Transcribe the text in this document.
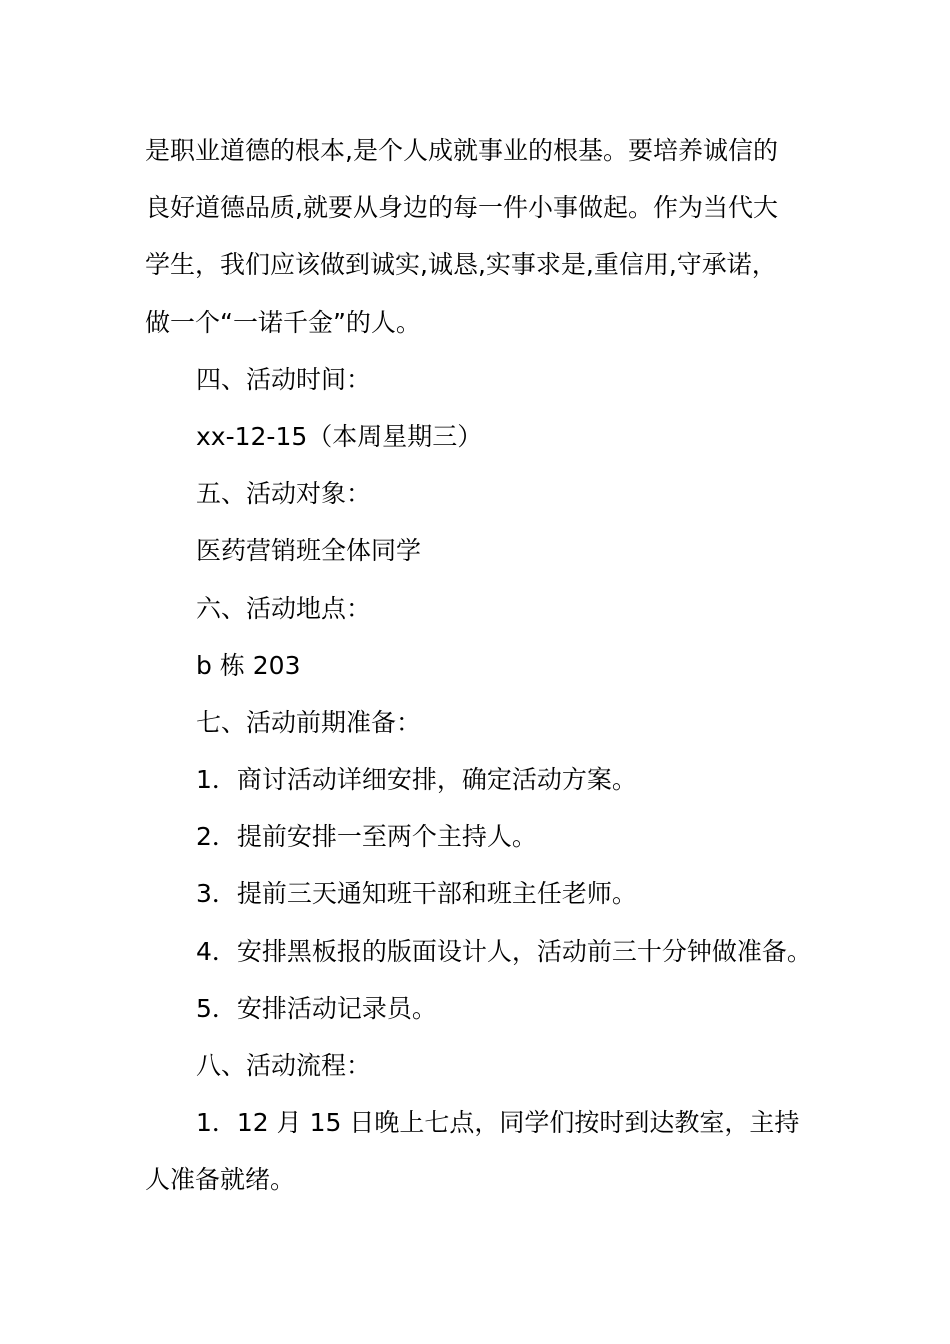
是职业道德的根本,是个人成就事业的根基。要培养诚信的
良好道德品质,就要从身边的每一件小事做起。作为当代大
学生，我们应该做到诚实,诚恳,实事求是,重信用,守承诺，
做一个“一诺千金”的人。
四、活动时间：
xx-12-15（本周星期三）
五、活动对象：
医药营销班全体同学
六、活动地点：
b 栋 203
七、活动前期准备：
1．商讨活动详细安排，确定活动方案。
2．提前安排一至两个主持人。
3．提前三天通知班干部和班主任老师。
4．安排黑板报的版面设计人，活动前三十分钟做准备。
5．安排活动记录员。
八、活动流程：
1．12 月 15 日晚上七点，同学们按时到达教室，主持
人准备就绪。
